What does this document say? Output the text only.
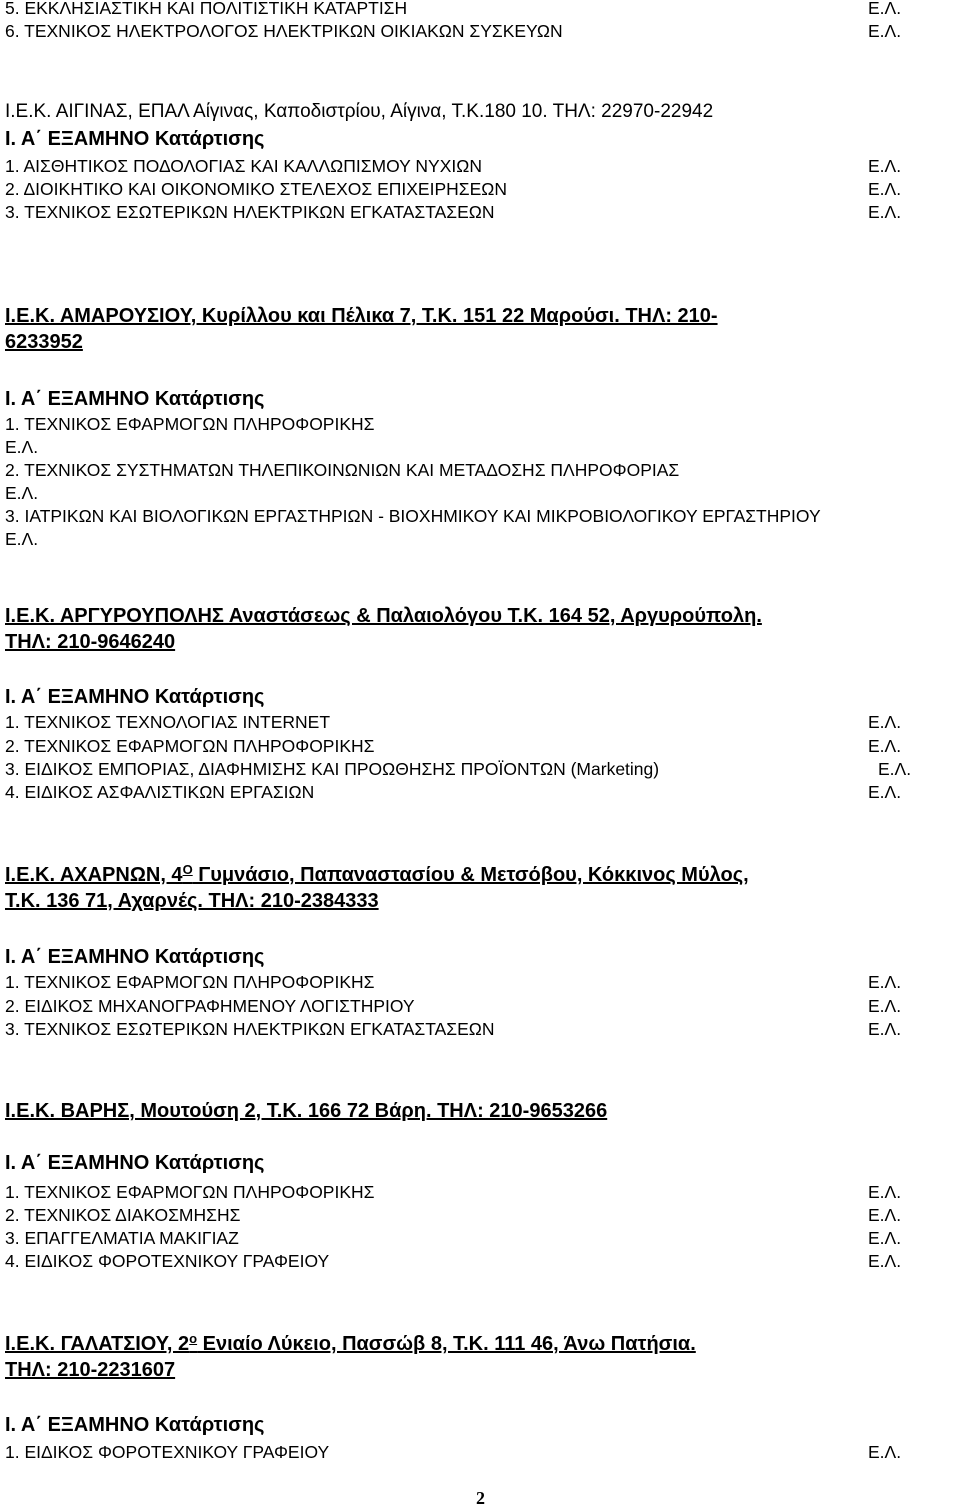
5. ΕΚΚΛΗΣΙΑΣΤΙΚΗ ΚΑΙ ΠΟΛΙΤΙΣΤΙΚΗ ΚΑΤΑΡΤΙΣΗ	Ε.Λ.
6. ΤΕΧΝΙΚΟΣ ΗΛΕΚΤΡΟΛΟΓΟΣ ΗΛΕΚΤΡΙΚΩΝ ΟΙΚΙΑΚΩΝ ΣΥΣΚΕΥΩΝ	Ε.Λ.
Ι.Ε.Κ. ΑΙΓΙΝΑΣ, ΕΠΑΛ Αίγινας, Καποδιστρίου, Αίγινα, Τ.Κ.180 10. ΤΗΛ: 22970-22942
Ι. Α΄ ΕΞΑΜΗΝΟ Κατάρτισης
1. ΑΙΣΘΗΤΙΚΟΣ ΠΟΔΟΛΟΓΙΑΣ ΚΑΙ ΚΑΛΛΩΠΙΣΜΟΥ ΝΥΧΙΩΝ	Ε.Λ.
2. ΔΙΟΙΚΗΤΙΚΟ ΚΑΙ ΟΙΚΟΝΟΜΙΚΟ ΣΤΕΛΕΧΟΣ ΕΠΙΧΕΙΡΗΣΕΩΝ	Ε.Λ.
3. ΤΕΧΝΙΚΟΣ ΕΣΩΤΕΡΙΚΩΝ ΗΛΕΚΤΡΙΚΩΝ ΕΓΚΑΤΑΣΤΑΣΕΩΝ	Ε.Λ.
Ι.Ε.Κ. ΑΜΑΡΟΥΣΙΟΥ, Κυρίλλου και Πέλικα 7, Τ.Κ. 151 22 Μαρούσι. ΤΗΛ: 210-
6233952
Ι. Α΄ ΕΞΑΜΗΝΟ Κατάρτισης
1. ΤΕΧΝΙΚΟΣ ΕΦΑΡΜΟΓΩΝ ΠΛΗΡΟΦΟΡΙΚΗΣ
Ε.Λ.
2. ΤΕΧΝΙΚΟΣ ΣΥΣΤΗΜΑΤΩΝ ΤΗΛΕΠΙΚΟΙΝΩΝΙΩΝ ΚΑΙ ΜΕΤΑΔΟΣΗΣ ΠΛΗΡΟΦΟΡΙΑΣ
Ε.Λ.
3. ΙΑΤΡΙΚΩΝ ΚΑΙ ΒΙΟΛΟΓΙΚΩΝ ΕΡΓΑΣΤΗΡΙΩΝ - ΒΙΟΧΗΜΙΚΟΥ ΚΑΙ ΜΙΚΡΟΒΙΟΛΟΓΙΚΟΥ ΕΡΓΑΣΤΗΡΙΟΥ
Ε.Λ.
Ι.Ε.Κ. ΑΡΓΥΡΟΥΠΟΛΗΣ Αναστάσεως & Παλαιολόγου Τ.Κ. 164 52, Αργυρούπολη.
ΤΗΛ: 210-9646240
Ι. Α΄ ΕΞΑΜΗΝΟ Κατάρτισης
1. ΤΕΧΝΙΚΟΣ ΤΕΧΝΟΛΟΓΙΑΣ INTERNET	Ε.Λ.
2. ΤΕΧΝΙΚΟΣ ΕΦΑΡΜΟΓΩΝ ΠΛΗΡΟΦΟΡΙΚΗΣ	Ε.Λ.
3. ΕΙΔΙΚΟΣ ΕΜΠΟΡΙΑΣ, ΔΙΑΦΗΜΙΣΗΣ ΚΑΙ ΠΡΟΩΘΗΣΗΣ ΠΡΟΪΟΝΤΩΝ (Marketing)	Ε.Λ.
4. ΕΙΔΙΚΟΣ ΑΣΦΑΛΙΣΤΙΚΩΝ ΕΡΓΑΣΙΩΝ	Ε.Λ.
Ι.Ε.Κ. ΑΧΑΡΝΩΝ, $4^O$ Γυμνάσιο, Παπαναστασίου & Μετσόβου, Κόκκινος Μύλος,
Τ.Κ. 136 71, Αχαρνές. ΤΗΛ: 210-2384333
Ι. Α΄ ΕΞΑΜΗΝΟ Κατάρτισης
1. ΤΕΧΝΙΚΟΣ ΕΦΑΡΜΟΓΩΝ ΠΛΗΡΟΦΟΡΙΚΗΣ	Ε.Λ.
2. ΕΙΔΙΚΟΣ ΜΗΧΑΝΟΓΡΑΦΗΜΕΝΟΥ ΛΟΓΙΣΤΗΡΙΟΥ	Ε.Λ.
3. ΤΕΧΝΙΚΟΣ ΕΣΩΤΕΡΙΚΩΝ ΗΛΕΚΤΡΙΚΩΝ ΕΓΚΑΤΑΣΤΑΣΕΩΝ	Ε.Λ.
Ι.Ε.Κ. ΒΑΡΗΣ, Μουτούση 2, Τ.Κ. 166 72 Βάρη. ΤΗΛ: 210-9653266
Ι. Α΄ ΕΞΑΜΗΝΟ Κατάρτισης
1. ΤΕΧΝΙΚΟΣ ΕΦΑΡΜΟΓΩΝ ΠΛΗΡΟΦΟΡΙΚΗΣ	Ε.Λ.
2. ΤΕΧΝΙΚΟΣ ΔΙΑΚΟΣΜΗΣΗΣ	Ε.Λ.
3. ΕΠΑΓΓΕΛΜΑΤΙΑ ΜΑΚΙΓΙΑΖ	Ε.Λ.
4. ΕΙΔΙΚΟΣ ΦΟΡΟΤΕΧΝΙΚΟΥ ΓΡΑΦΕΙΟΥ	Ε.Λ.
Ι.Ε.Κ. ΓΑΛΑΤΣΙΟΥ, $2^o$ Ενιαίο Λύκειο, Πασσώβ 8, Τ.Κ. 111 46, Άνω Πατήσια.
ΤΗΛ: 210-2231607
Ι. Α΄ ΕΞΑΜΗΝΟ Κατάρτισης
1. ΕΙΔΙΚΟΣ ΦΟΡΟΤΕΧΝΙΚΟΥ ΓΡΑΦΕΙΟΥ	Ε.Λ.
2
